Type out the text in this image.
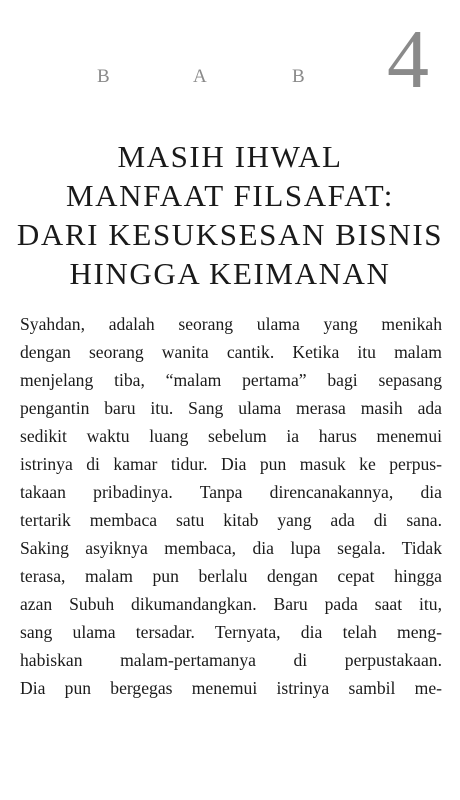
B	A	B 4
MASIH IHWAL
MANFAAT FILSAFAT:
DARI KESUKSESAN BISNIS
HINGGA KEIMANAN
Syahdan, adalah seorang ulama yang menikah
dengan seorang wanita cantik. Ketika itu malam
menjelang tiba, “malam pertama” bagi sepasang
pengantin baru itu. Sang ulama merasa masih ada
sedikit waktu luang sebelum ia harus menemui
istrinya di kamar tidur. Dia pun masuk ke perpus-
takaan pribadinya. Tanpa direncanakannya, dia
tertarik membaca satu kitab yang ada di sana.
Saking asyiknya membaca, dia lupa segala. Tidak
terasa, malam pun berlalu dengan cepat hingga
azan Subuh dikumandangkan. Baru pada saat itu,
sang ulama tersadar. Ternyata, dia telah meng-
habiskan malam-pertamanya di perpustakaan.
Dia pun bergegas menemui istrinya sambil me-
